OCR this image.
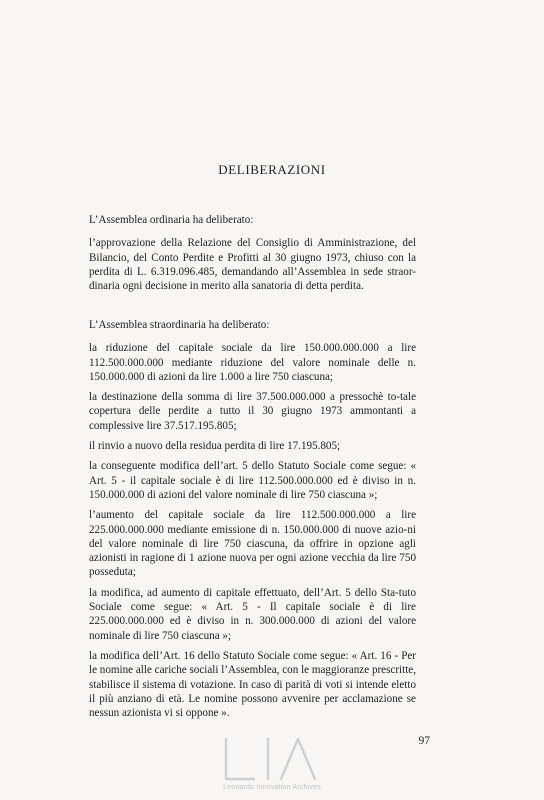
DELIBERAZIONI

L’Assemblea ordinaria ha deliberato:

l’approvazione della Relazione del Consiglio di Amministrazione, del Bilancio, del Conto Perdite e Profitti al 30 giugno 1973, chiuso con la perdita di L. 6.319.096.485, demandando all’Assemblea in sede straor-dinaria ogni decisione in merito alla sanatoria di detta perdita.

L’Assemblea straordinaria ha deliberato:

la riduzione del capitale sociale da lire 150.000.000.000 a lire 112.500.000.000 mediante riduzione del valore nominale delle n. 150.000.000 di azioni da lire 1.000 a lire 750 ciascuna;

la destinazione della somma di lire 37.500.000.000 a pressochè to-tale copertura delle perdite a tutto il 30 giugno 1973 ammontanti a complessive lire 37.517.195.805;

il rinvio a nuovo della residua perdita di lire 17.195.805;

la conseguente modifica dell’art. 5 dello Statuto Sociale come segue: « Art. 5 - il capitale sociale è di lire 112.500.000.000 ed è diviso in n. 150.000.000 di azioni del valore nominale di lire 750 ciascuna »;

l’aumento del capitale sociale da lire 112.500.000.000 a lire 225.000.000.000 mediante emissione di n. 150.000.000 di nuove azio-ni del valore nominale di lire 750 ciascuna, da offrire in opzione agli azionisti in ragione di 1 azione nuova per ogni azione vecchia da lire 750 posseduta;

la modifica, ad aumento di capitale effettuato, dell’Art. 5 dello Sta-tuto Sociale come segue: « Art. 5 - Il capitale sociale è di lire 225.000.000.000 ed è diviso in n. 300.000.000 di azioni del valore nominale di lire 750 ciascuna »;

la modifica dell’Art. 16 dello Statuto Sociale come segue: « Art. 16 - Per le nomine alle cariche sociali l’Assemblea, con le maggioranze prescritte, stabilisce il sistema di votazione. In caso di parità di voti si intende eletto il più anziano di età. Le nomine possono avvenire per acclamazione se nessun azionista vi si oppone ».

97
Leonardo Innovation Archives
